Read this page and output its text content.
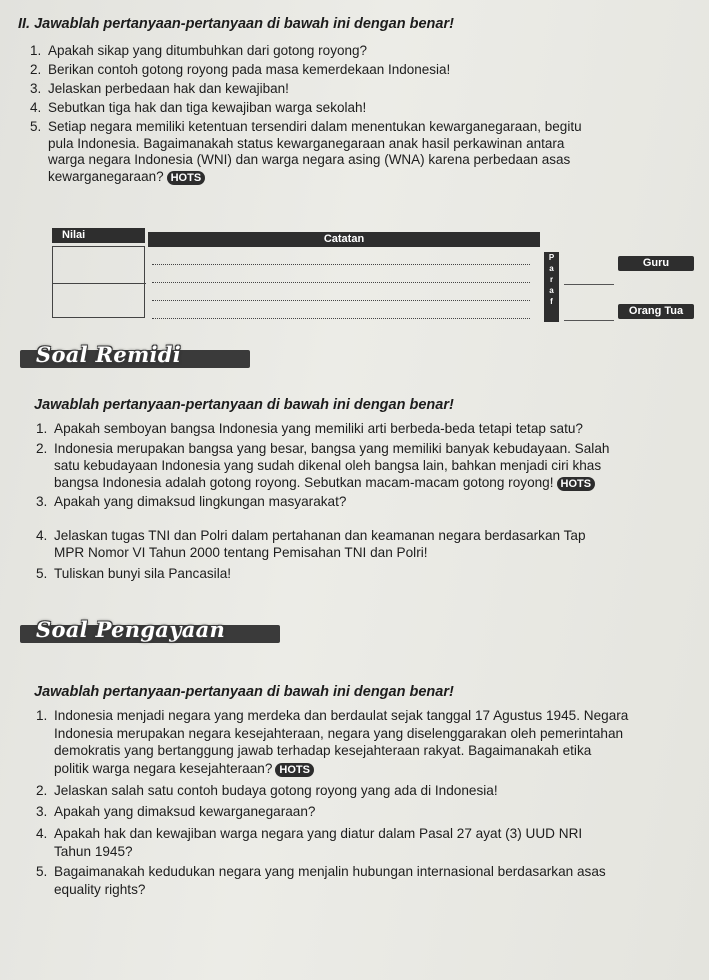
II. Jawablah pertanyaan-pertanyaan di bawah ini dengan benar!
1. Apakah sikap yang ditumbuhkan dari gotong royong?
2. Berikan contoh gotong royong pada masa kemerdekaan Indonesia!
3. Jelaskan perbedaan hak dan kewajiban!
4. Sebutkan tiga hak dan tiga kewajiban warga sekolah!
5. Setiap negara memiliki ketentuan tersendiri dalam menentukan kewarganegaraan, begitu
pula Indonesia. Bagaimanakah status kewarganegaraan anak hasil perkawinan antara
warga negara Indonesia (WNI) dan warga negara asing (WNA) karena perbedaan asas
kewarganegaraan? HOTS
Nilai	Catatan
P
a
r
a
f
Guru
Orang Tua
Soal Remidi
Jawablah pertanyaan-pertanyaan di bawah ini dengan benar!
1. Apakah semboyan bangsa Indonesia yang memiliki arti berbeda-beda tetapi tetap satu?
2. Indonesia merupakan bangsa yang besar, bangsa yang memiliki banyak kebudayaan. Salah
satu kebudayaan Indonesia yang sudah dikenal oleh bangsa lain, bahkan menjadi ciri khas
bangsa Indonesia adalah gotong royong. Sebutkan macam-macam gotong royong! HOTS
3. Apakah yang dimaksud lingkungan masyarakat?
4. Jelaskan tugas TNI dan Polri dalam pertahanan dan keamanan negara berdasarkan Tap
MPR Nomor VI Tahun 2000 tentang Pemisahan TNI dan Polri!
5. Tuliskan bunyi sila Pancasila!
Soal Pengayaan
Jawablah pertanyaan-pertanyaan di bawah ini dengan benar!
1. Indonesia menjadi negara yang merdeka dan berdaulat sejak tanggal 17 Agustus 1945. Negara
Indonesia merupakan negara kesejahteraan, negara yang diselenggarakan oleh pemerintahan
demokratis yang bertanggung jawab terhadap kesejahteraan rakyat. Bagaimanakah etika
politik warga negara kesejahteraan? HOTS
2. Jelaskan salah satu contoh budaya gotong royong yang ada di Indonesia!
3. Apakah yang dimaksud kewarganegaraan?
4. Apakah hak dan kewajiban warga negara yang diatur dalam Pasal 27 ayat (3) UUD NRI
Tahun 1945?
5. Bagaimanakah kedudukan negara yang menjalin hubungan internasional berdasarkan asas
equality rights?
